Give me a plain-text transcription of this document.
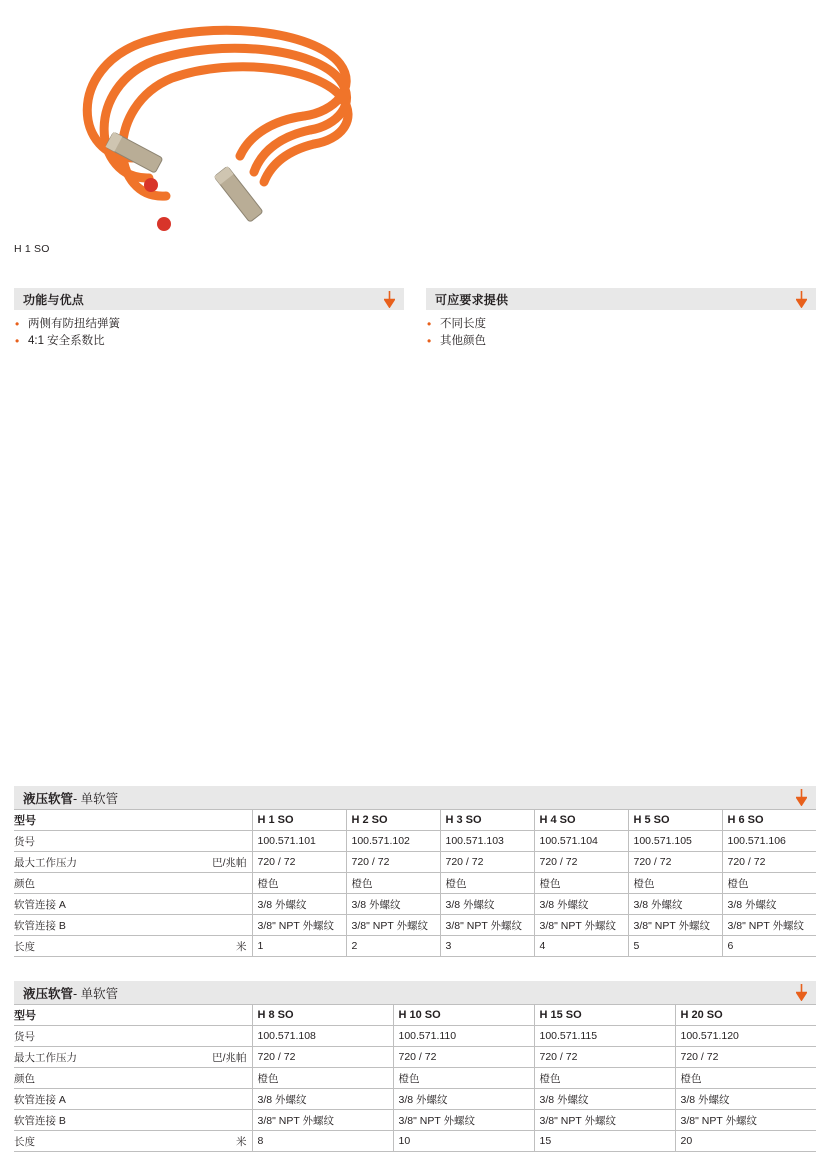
H 1 SO
功能与优点
• 两侧有防扭结弹簧
• 4:1 安全系数比
可应要求提供
• 不同长度
• 其他颜色
液压软管 - 单软管
型号		H 1 SO	H 2 SO	H 3 SO	H 4 SO	H 5 SO	H 6 SO
货号		100.571.101	100.571.102	100.571.103	100.571.104	100.571.105	100.571.106
最大工作压力	巴/兆帕	720 / 72	720 / 72	720 / 72	720 / 72	720 / 72	720 / 72
颜色		橙色	橙色	橙色	橙色	橙色	橙色
软管连接 A		3/8 外螺纹	3/8 外螺纹	3/8 外螺纹	3/8 外螺纹	3/8 外螺纹	3/8 外螺纹
软管连接 B		3/8" NPT 外螺纹	3/8" NPT 外螺纹	3/8" NPT 外螺纹	3/8" NPT 外螺纹	3/8" NPT 外螺纹	3/8" NPT 外螺纹
长度	米	1	2	3	4	5	6
液压软管 - 单软管
型号		H 8 SO	H 10 SO	H 15 SO	H 20 SO
货号		100.571.108	100.571.110	100.571.115	100.571.120
最大工作压力	巴/兆帕	720 / 72	720 / 72	720 / 72	720 / 72
颜色		橙色	橙色	橙色	橙色
软管连接 A		3/8 外螺纹	3/8 外螺纹	3/8 外螺纹	3/8 外螺纹
软管连接 B		3/8" NPT 外螺纹	3/8" NPT 外螺纹	3/8" NPT 外螺纹	3/8" NPT 外螺纹
长度	米	8	10	15	20
